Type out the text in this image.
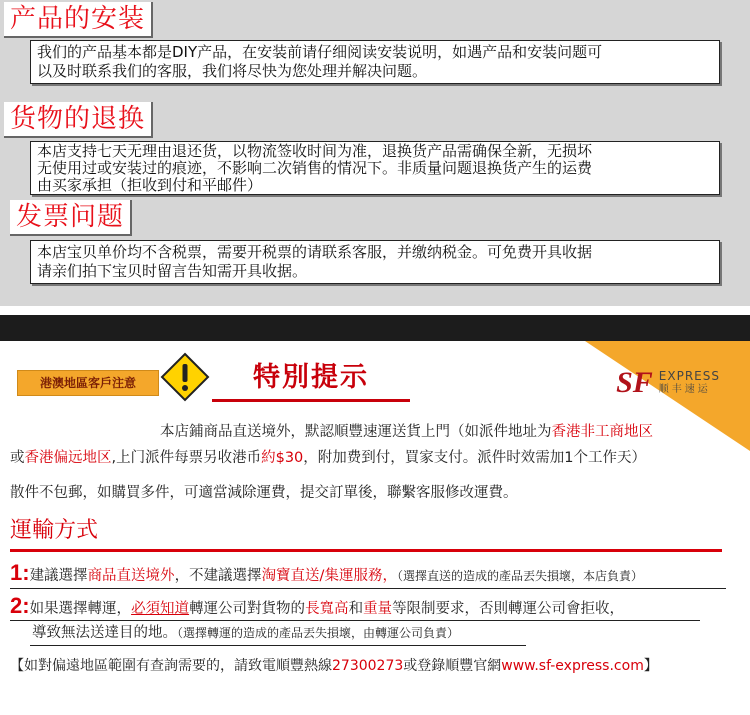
产品的安装
我们的产品基本都是DIY产品，在安装前请仔细阅读安装说明，如遇产品和安装问题可
以及时联系我们的客服，我们将尽快为您处理并解决问题。
货物的退换
本店支持七天无理由退还货，以物流签收时间为准，退换货产品需确保全新，无损坏
无使用过或安装过的痕迹，不影响二次销售的情况下。非质量问题退换货产生的运费
由买家承担（拒收到付和平邮件）
发票问题
本店宝贝单价均不含税票，需要开税票的请联系客服，并缴纳税金。可免费开具收据
请亲们拍下宝贝时留言告知需开具收据。
SF EXPRESS
顺丰速运
港澳地區客戶注意	特別提示
本店鋪商品直送境外，默認順豐速運送貨上門（如派件地址为香港非工商地区
或香港偏远地区,上门派件每票另收港币約$30，附加费到付，買家支付。派件时效需加1个工作天）
散件不包郵，如購買多件，可適當減除運費，提交訂單後，聯繫客服修改運費。
運輸方式
1:建議選擇商品直送境外，不建議選擇淘寶直送/集運服務，（選擇直送的造成的產品丟失損壞，本店負責）
2:如果選擇轉運，必須知道轉運公司對貨物的長寬高和重量等限制要求，否則轉運公司會拒收，
導致無法送達目的地。（選擇轉運的造成的產品丟失損壞，由轉運公司負責）
【如對偏遠地區範圍有查詢需要的，請致電順豐熱線27300273或登錄順豐官網www.sf-express.com】
